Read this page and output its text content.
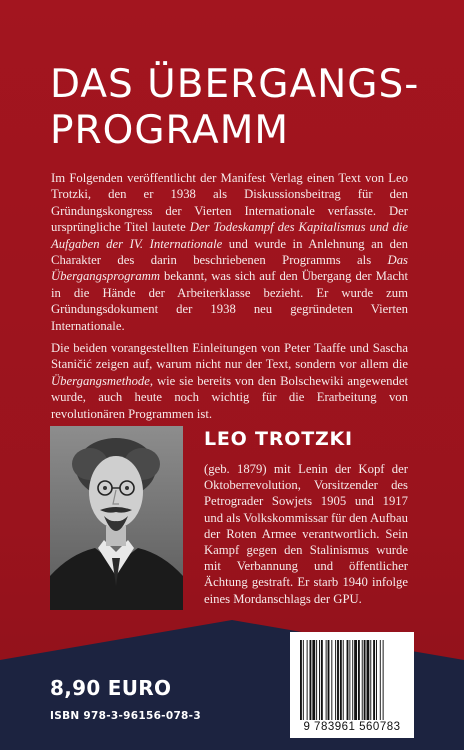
DAS ÜBERGANGS-
PROGRAMM

Im Folgenden veröffentlicht der Manifest Verlag einen Text von Leo Trotzki, den er 1938 als Diskussionsbeitrag für den Gründungskongress der Vierten Internationale verfasste. Der ursprüngliche Titel lautete Der Todeskampf des Kapitalismus und die Aufgaben der IV. Internationale und wurde in Anlehnung an den Charakter des darin beschriebenen Programms als Das Übergangsprogramm bekannt, was sich auf den Übergang der Macht in die Hände der Arbeiterklasse bezieht. Er wurde zum Gründungsdokument der 1938 neu gegründeten Vierten Internationale.

Die beiden vorangestellten Einleitungen von Peter Taaffe und Sascha Staničić zeigen auf, warum nicht nur der Text, sondern vor allem die Übergangsmethode, wie sie bereits von den Bolschewiki angewendet wurde, auch heute noch wichtig für die Erarbeitung von revolutionären Programmen ist.

LEO TROTZKI

(geb. 1879) mit Lenin der Kopf der Oktoberrevolution, Vorsitzender des Petrograder Sowjets 1905 und 1917 und als Volkskommissar für den Aufbau der Roten Armee verantwortlich. Sein Kampf gegen den Stalinismus wurde mit Verbannung und öffentlicher Ächtung gestraft. Er starb 1940 infolge eines Mordanschlags der GPU.

8,90 EURO

ISBN 978-3-96156-078-3

9 783961 560783
